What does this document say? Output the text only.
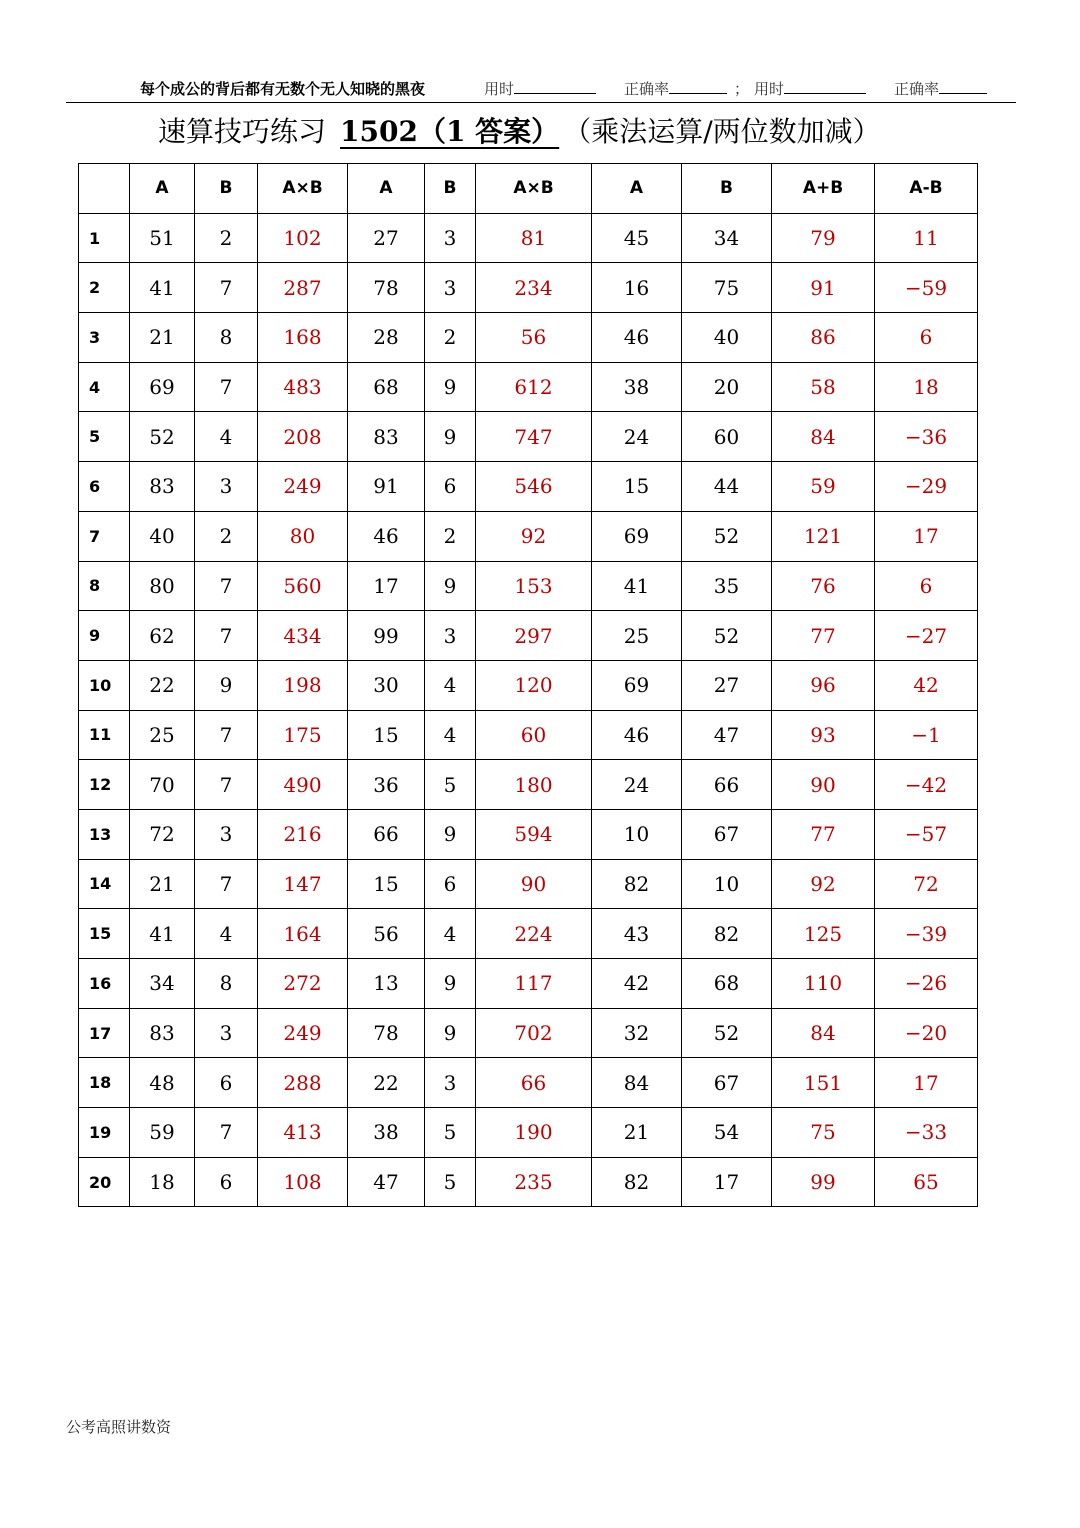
每个成公的背后都有无数个无人知晓的黑夜	用时	正确率	； 用时	正确率
速算技巧练习 1502（1 答案） （乘法运算/两位数加减）
	A	B	A×B	A	B	A×B	A	B	A+B	A-B
1	51	2	102	27	3	81	45	34	79	11
2	41	7	287	78	3	234	16	75	91	−59
3	21	8	168	28	2	56	46	40	86	6
4	69	7	483	68	9	612	38	20	58	18
5	52	4	208	83	9	747	24	60	84	−36
6	83	3	249	91	6	546	15	44	59	−29
7	40	2	80	46	2	92	69	52	121	17
8	80	7	560	17	9	153	41	35	76	6
9	62	7	434	99	3	297	25	52	77	−27
10	22	9	198	30	4	120	69	27	96	42
11	25	7	175	15	4	60	46	47	93	−1
12	70	7	490	36	5	180	24	66	90	−42
13	72	3	216	66	9	594	10	67	77	−57
14	21	7	147	15	6	90	82	10	92	72
15	41	4	164	56	4	224	43	82	125	−39
16	34	8	272	13	9	117	42	68	110	−26
17	83	3	249	78	9	702	32	52	84	−20
18	48	6	288	22	3	66	84	67	151	17
19	59	7	413	38	5	190	21	54	75	−33
20	18	6	108	47	5	235	82	17	99	65
公考高照讲数资
